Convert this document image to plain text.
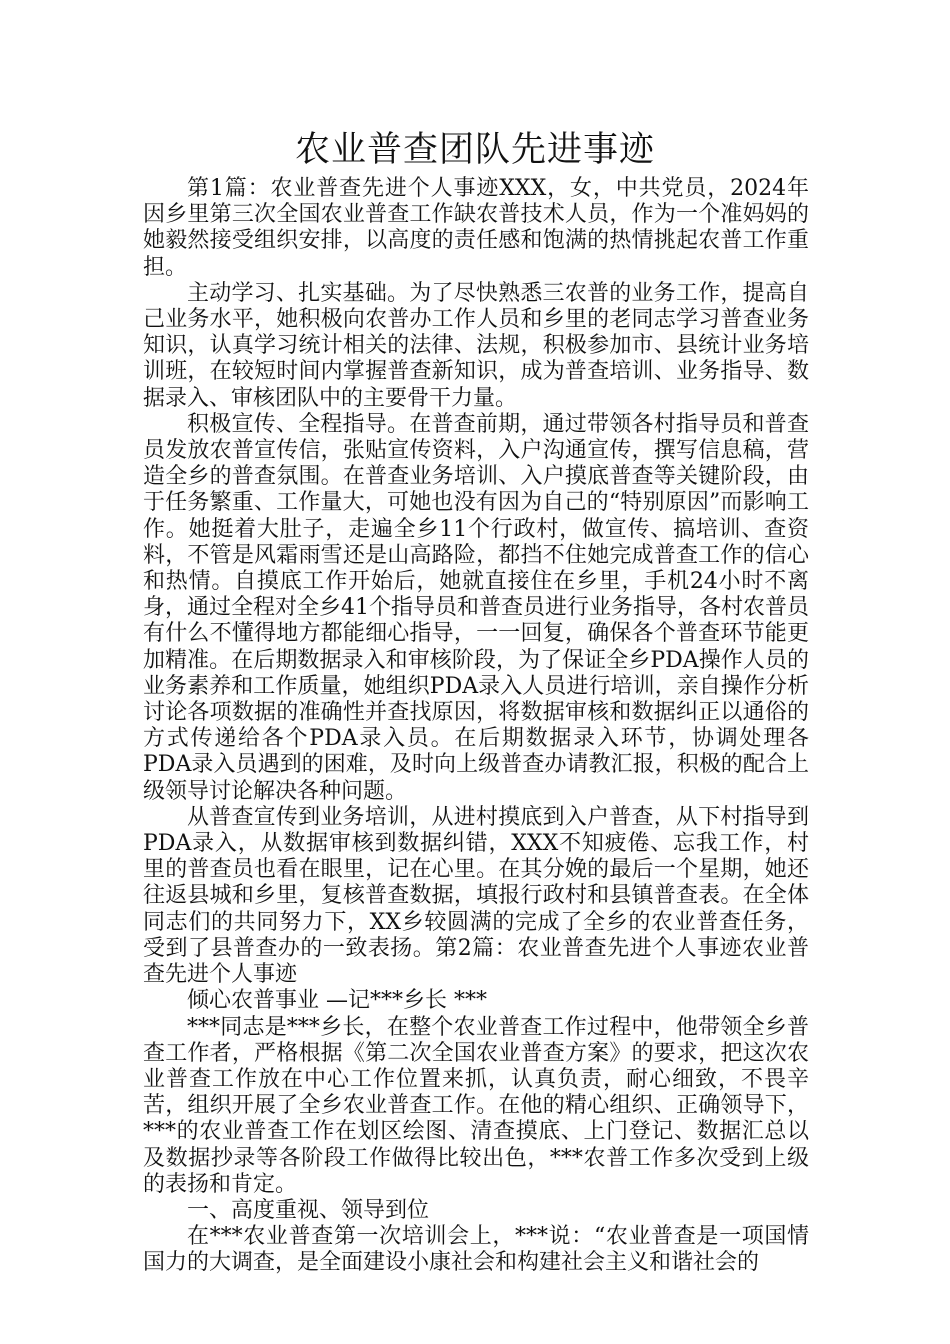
农业普查团队先进事迹

第1篇：农业普查先进个人事迹XXX，女，中共党员，2024年因乡里第三次全国农业普查工作缺农普技术人员，作为一个准妈妈的她毅然接受组织安排，以高度的责任感和饱满的热情挑起农普工作重担。

主动学习、扎实基础。为了尽快熟悉三农普的业务工作，提高自己业务水平，她积极向农普办工作人员和乡里的老同志学习普查业务知识，认真学习统计相关的法律、法规，积极参加市、县统计业务培训班，在较短时间内掌握普查新知识，成为普查培训、业务指导、数据录入、审核团队中的主要骨干力量。

积极宣传、全程指导。在普查前期，通过带领各村指导员和普查员发放农普宣传信，张贴宣传资料，入户沟通宣传，撰写信息稿，营造全乡的普查氛围。在普查业务培训、入户摸底普查等关键阶段，由于任务繁重、工作量大，可她也没有因为自己的“特别原因”而影响工作。她挺着大肚子，走遍全乡11个行政村，做宣传、搞培训、查资料，不管是风霜雨雪还是山高路险，都挡不住她完成普查工作的信心和热情。自摸底工作开始后，她就直接住在乡里，手机24小时不离身，通过全程对全乡41个指导员和普查员进行业务指导，各村农普员有什么不懂得地方都能细心指导，一一回复，确保各个普查环节能更加精准。在后期数据录入和审核阶段，为了保证全乡PDA操作人员的业务素养和工作质量，她组织PDA录入人员进行培训，亲自操作分析讨论各项数据的准确性并查找原因，将数据审核和数据纠正以通俗的方式传递给各个PDA录入员。在后期数据录入环节，协调处理各PDA录入员遇到的困难，及时向上级普查办请教汇报，积极的配合上级领导讨论解决各种问题。

从普查宣传到业务培训，从进村摸底到入户普查，从下村指导到PDA录入，从数据审核到数据纠错，XXX不知疲倦、忘我工作，村里的普查员也看在眼里，记在心里。在其分娩的最后一个星期，她还往返县城和乡里，复核普查数据，填报行政村和县镇普查表。在全体同志们的共同努力下，XX乡较圆满的完成了全乡的农业普查任务，受到了县普查办的一致表扬。第2篇：农业普查先进个人事迹农业普查先进个人事迹

倾心农普事业 —记***乡长 ***

***同志是***乡长，在整个农业普查工作过程中，他带领全乡普查工作者，严格根据《第二次全国农业普查方案》的要求，把这次农业普查工作放在中心工作位置来抓，认真负责，耐心细致，不畏辛苦，组织开展了全乡农业普查工作。在他的精心组织、正确领导下，***的农业普查工作在划区绘图、清查摸底、上门登记、数据汇总以及数据抄录等各阶段工作做得比较出色，***农普工作多次受到上级的表扬和肯定。

一、高度重视、领导到位

在***农业普查第一次培训会上，***说：“农业普查是一项国情国力的大调查，是全面建设小康社会和构建社会主义和谐社会的
